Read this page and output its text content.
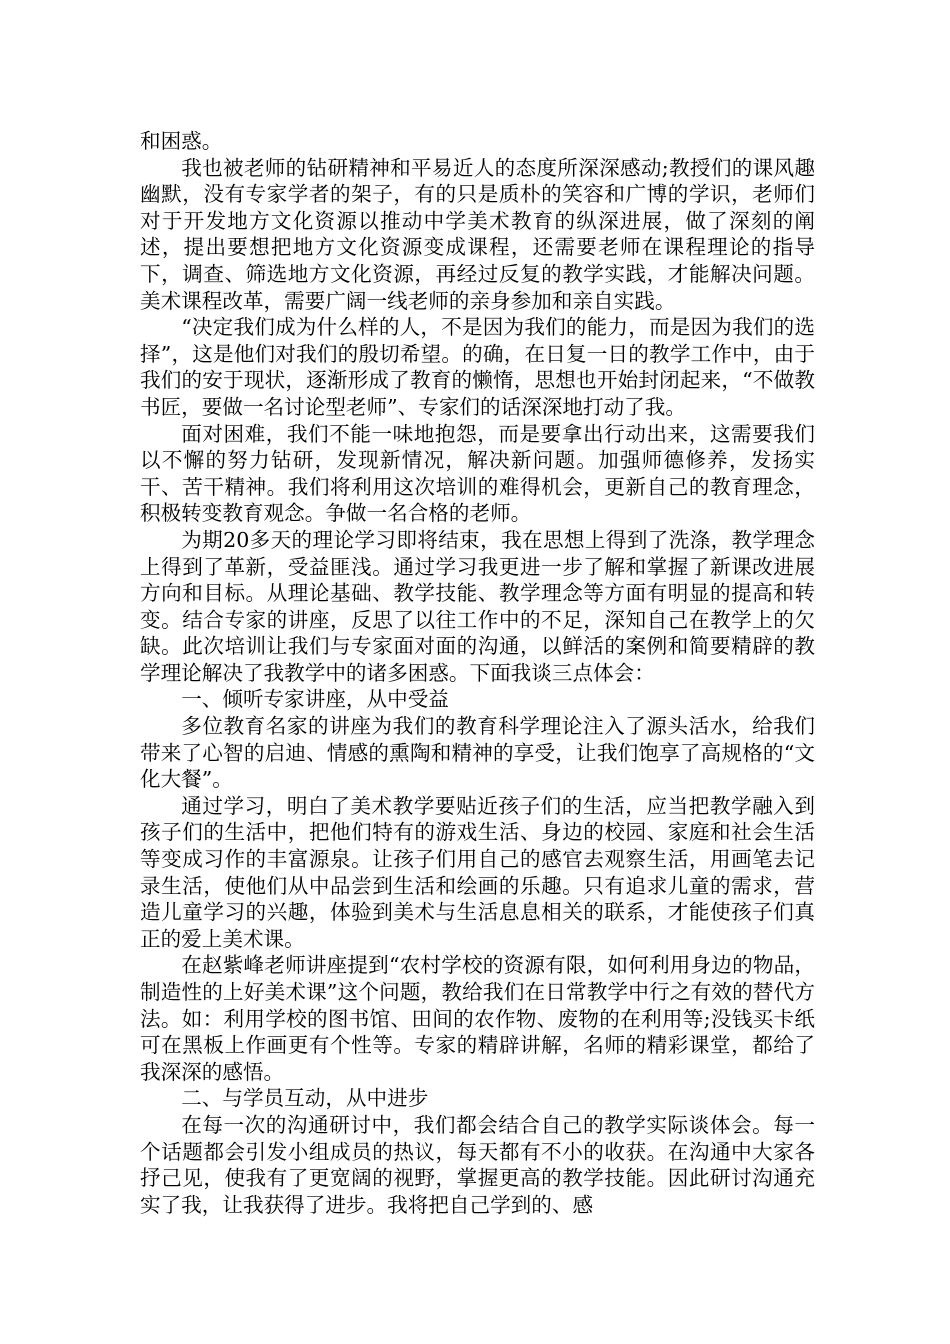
和困惑。

我也被老师的钻研精神和平易近人的态度所深深感动;教授们的课风趣幽默，没有专家学者的架子，有的只是质朴的笑容和广博的学识，老师们对于开发地方文化资源以推动中学美术教育的纵深进展，做了深刻的阐述，提出要想把地方文化资源变成课程，还需要老师在课程理论的指导下，调查、筛选地方文化资源，再经过反复的教学实践，才能解决问题。美术课程改革，需要广阔一线老师的亲身参加和亲自实践。

“决定我们成为什么样的人，不是因为我们的能力，而是因为我们的选择”，这是他们对我们的殷切希望。的确，在日复一日的教学工作中，由于我们的安于现状，逐渐形成了教育的懒惰，思想也开始封闭起来，“不做教书匠，要做一名讨论型老师”、专家们的话深深地打动了我。

面对困难，我们不能一味地抱怨，而是要拿出行动出来，这需要我们以不懈的努力钻研，发现新情况，解决新问题。加强师德修养，发扬实干、苦干精神。我们将利用这次培训的难得机会，更新自己的教育理念，积极转变教育观念。争做一名合格的老师。

为期20多天的理论学习即将结束，我在思想上得到了洗涤，教学理念上得到了革新，受益匪浅。通过学习我更进一步了解和掌握了新课改进展方向和目标。从理论基础、教学技能、教学理念等方面有明显的提高和转变。结合专家的讲座，反思了以往工作中的不足，深知自己在教学上的欠缺。此次培训让我们与专家面对面的沟通，以鲜活的案例和简要精辟的教学理论解决了我教学中的诸多困惑。下面我谈三点体会：

一、倾听专家讲座，从中受益

多位教育名家的讲座为我们的教育科学理论注入了源头活水，给我们带来了心智的启迪、情感的熏陶和精神的享受，让我们饱享了高规格的“文化大餐”。

通过学习，明白了美术教学要贴近孩子们的生活，应当把教学融入到孩子们的生活中，把他们特有的游戏生活、身边的校园、家庭和社会生活等变成习作的丰富源泉。让孩子们用自己的感官去观察生活，用画笔去记录生活，使他们从中品尝到生活和绘画的乐趣。只有追求儿童的需求，营造儿童学习的兴趣，体验到美术与生活息息相关的联系，才能使孩子们真正的爱上美术课。

在赵紫峰老师讲座提到“农村学校的资源有限，如何利用身边的物品，制造性的上好美术课”这个问题，教给我们在日常教学中行之有效的替代方法。如：利用学校的图书馆、田间的农作物、废物的在利用等;没钱买卡纸可在黑板上作画更有个性等。专家的精辟讲解，名师的精彩课堂，都给了我深深的感悟。

二、与学员互动，从中进步

在每一次的沟通研讨中，我们都会结合自己的教学实际谈体会。每一个话题都会引发小组成员的热议，每天都有不小的收获。在沟通中大家各抒己见，使我有了更宽阔的视野，掌握更高的教学技能。因此研讨沟通充实了我，让我获得了进步。我将把自己学到的、感
